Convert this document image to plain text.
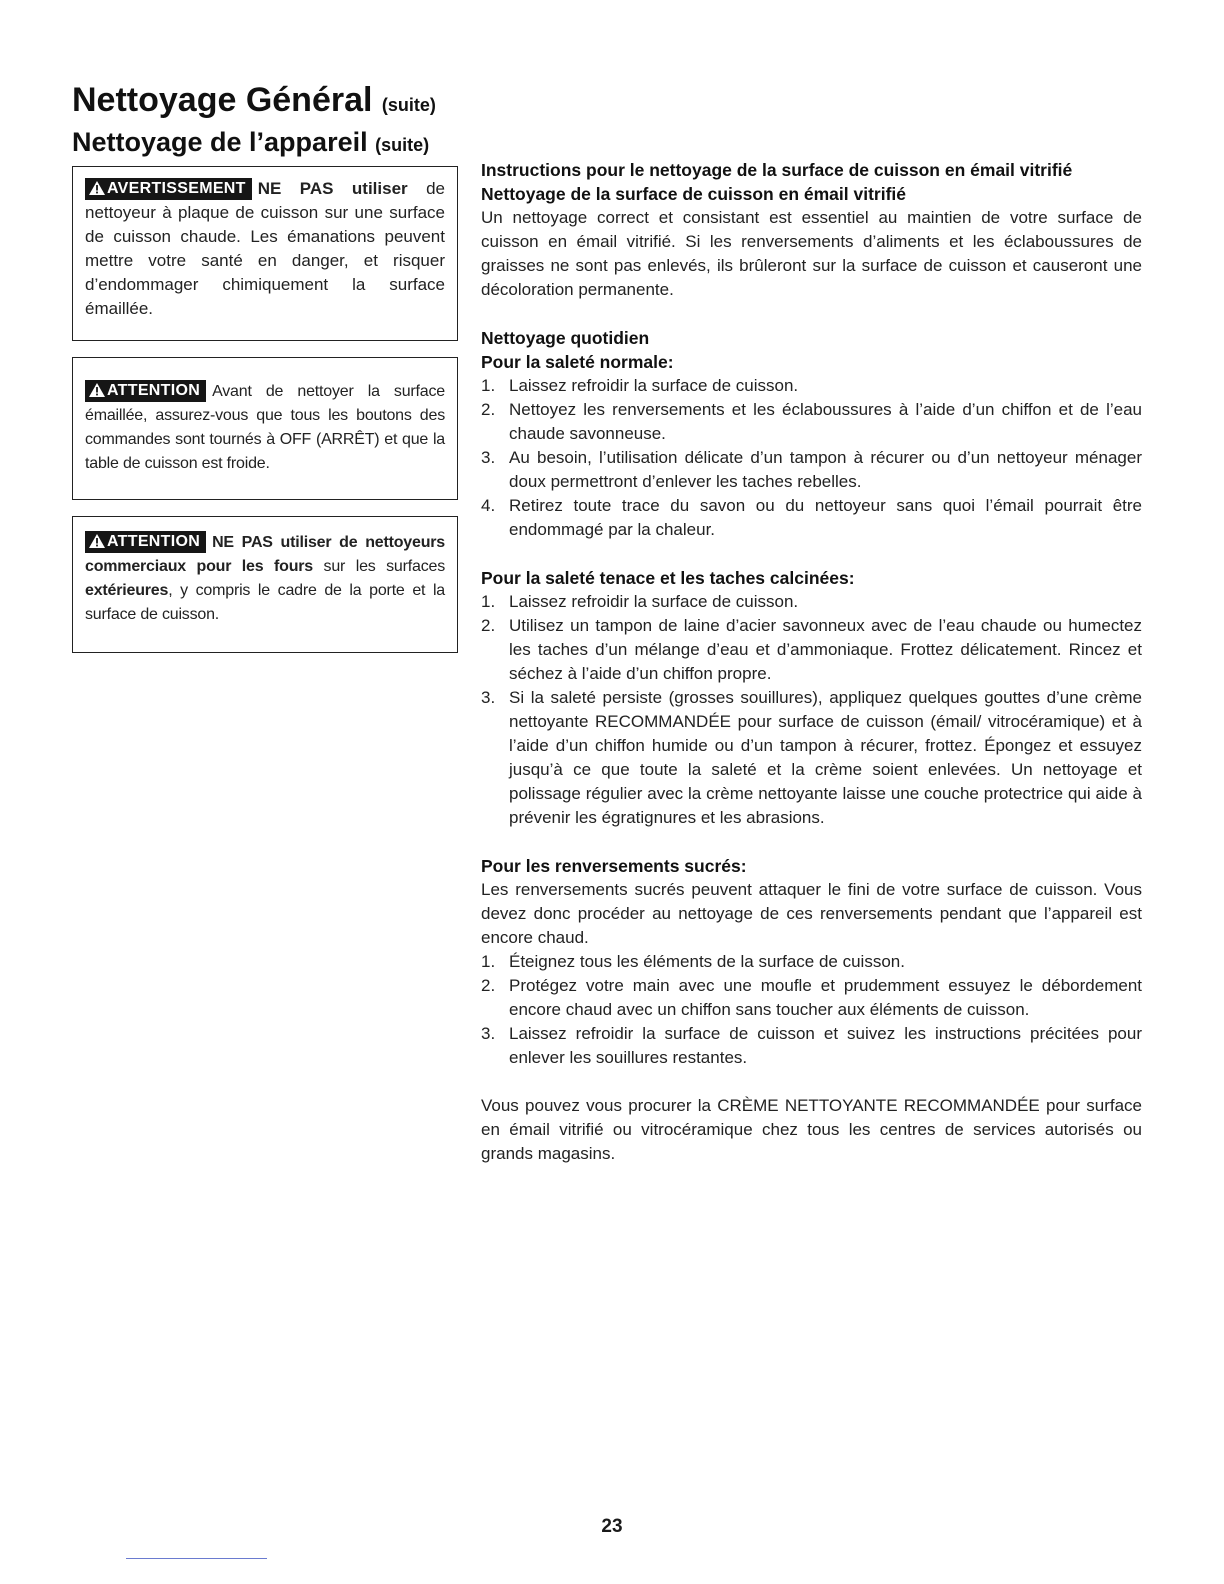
Nettoyage Général (suite)
Nettoyage de l’appareil (suite)
AVERTISSEMENT NE PAS utiliser de nettoyeur à plaque de cuisson sur une surface de cuisson chaude. Les émanations peuvent mettre votre santé en danger, et risquer d’endommager chimiquement la surface émaillée.
ATTENTION Avant de nettoyer la surface émaillée, assurez-vous que tous les boutons des commandes sont tournés à OFF (ARRÊT) et que la table de cuisson est froide.
ATTENTION NE PAS utiliser de nettoyeurs commerciaux pour les fours sur les surfaces extérieures, y compris le cadre de la porte et la surface de cuisson.

Instructions pour le nettoyage de la surface de cuisson en émail vitrifié

Nettoyage de la surface de cuisson en émail vitrifié

Un nettoyage correct et consistant est essentiel au maintien de votre surface de cuisson en émail vitrifié. Si les renversements d’aliments et les éclaboussures de graisses ne sont pas enlevés, ils brûleront sur la surface de cuisson et causeront une décoloration permanente.

Nettoyage quotidien

Pour la saleté normale:

1. Laissez refroidir la surface de cuisson.
2. Nettoyez les renversements et les éclaboussures à l’aide d’un chiffon et de l’eau chaude savonneuse.
3. Au besoin, l’utilisation délicate d’un tampon à récurer ou d’un nettoyeur ménager doux permettront d’enlever les taches rebelles.
4. Retirez toute trace du savon ou du nettoyeur sans quoi l’émail pourrait être endommagé par la chaleur.

Pour la saleté tenace et les taches calcinées:

1. Laissez refroidir la surface de cuisson.
2. Utilisez un tampon de laine d’acier savonneux avec de l’eau chaude ou humectez les taches d’un mélange d’eau et d’ammoniaque. Frottez délicatement. Rincez et séchez à l’aide d’un chiffon propre.
3. Si la saleté persiste (grosses souillures), appliquez quelques gouttes d’une crème nettoyante RECOMMANDÉE pour surface de cuisson (émail/ vitrocéramique) et à l’aide d’un chiffon humide ou d’un tampon à récurer, frottez. Épongez et essuyez jusqu’à ce que toute la saleté et la crème soient enlevées. Un nettoyage et polissage régulier avec la crème nettoyante laisse une couche protectrice qui aide à prévenir les égratignures et les abrasions.

Pour les renversements sucrés:

Les renversements sucrés peuvent attaquer le fini de votre surface de cuisson. Vous devez donc procéder au nettoyage de ces renversements pendant que l’appareil est encore chaud.

1. Éteignez tous les éléments de la surface de cuisson.
2. Protégez votre main avec une moufle et prudemment essuyez le débordement encore chaud avec un chiffon sans toucher aux éléments de cuisson.
3. Laissez refroidir la surface de cuisson et suivez les instructions précitées pour enlever les souillures restantes.

Vous pouvez vous procurer la CRÈME NETTOYANTE RECOMMANDÉE pour surface en émail vitrifié ou vitrocéramique chez tous les centres de services autorisés ou grands magasins.

23
